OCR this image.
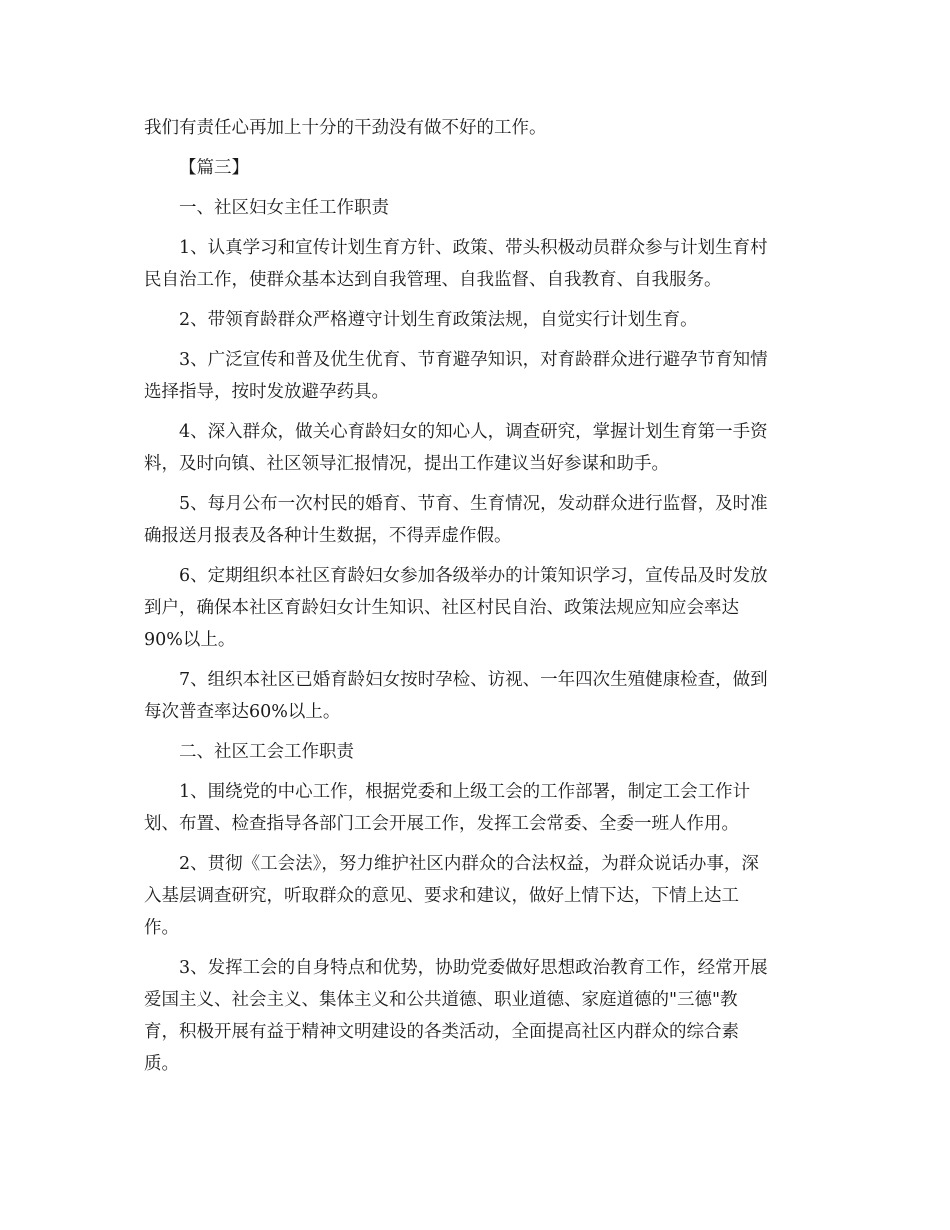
我们有责任心再加上十分的干劲没有做不好的工作。
【篇三】
一、社区妇女主任工作职责
1、认真学习和宣传计划生育方针、政策、带头积极动员群众参与计划生育村
民自治工作，使群众基本达到自我管理、自我监督、自我教育、自我服务。
2、带领育龄群众严格遵守计划生育政策法规，自觉实行计划生育。
3、广泛宣传和普及优生优育、节育避孕知识，对育龄群众进行避孕节育知情
选择指导，按时发放避孕药具。
4、深入群众，做关心育龄妇女的知心人，调查研究，掌握计划生育第一手资
料，及时向镇、社区领导汇报情况，提出工作建议当好参谋和助手。
5、每月公布一次村民的婚育、节育、生育情况，发动群众进行监督，及时准
确报送月报表及各种计生数据，不得弄虚作假。
6、定期组织本社区育龄妇女参加各级举办的计策知识学习，宣传品及时发放
到户，确保本社区育龄妇女计生知识、社区村民自治、政策法规应知应会率达
90%以上。
7、组织本社区已婚育龄妇女按时孕检、访视、一年四次生殖健康检查，做到
每次普查率达60%以上。
二、社区工会工作职责
1、围绕党的中心工作，根据党委和上级工会的工作部署，制定工会工作计
划、布置、检查指导各部门工会开展工作，发挥工会常委、全委一班人作用。
2、贯彻《工会法》，努力维护社区内群众的合法权益，为群众说话办事，深
入基层调查研究，听取群众的意见、要求和建议，做好上情下达，下情上达工
作。
3、发挥工会的自身特点和优势，协助党委做好思想政治教育工作，经常开展
爱国主义、社会主义、集体主义和公共道德、职业道德、家庭道德的"三德"教
育，积极开展有益于精神文明建设的各类活动，全面提高社区内群众的综合素
质。
